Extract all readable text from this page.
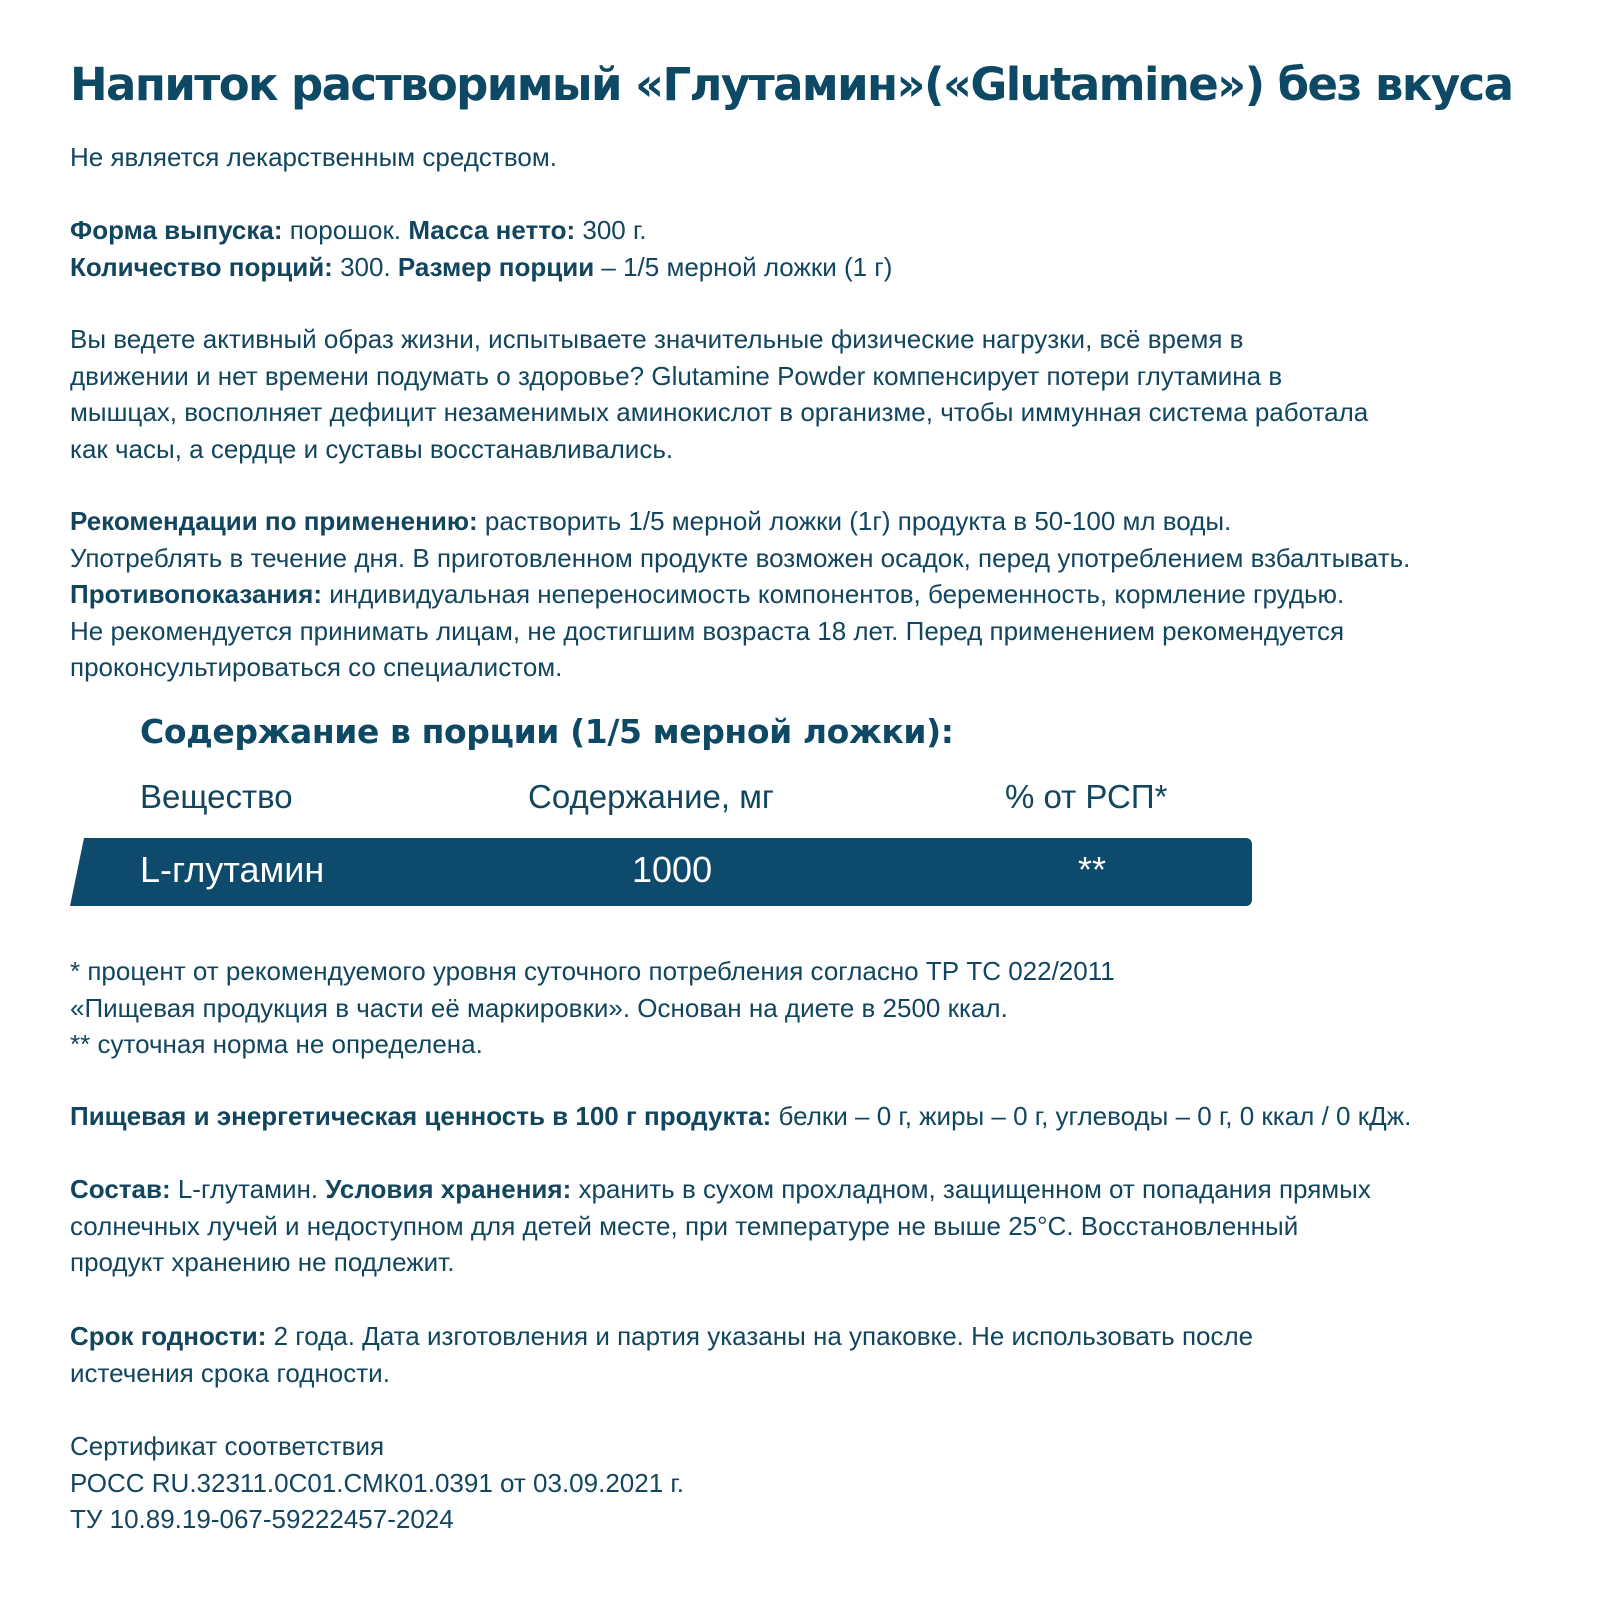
Напиток растворимый «Глутамин»(«Glutamine») без вкуса

Не является лекарственным средством.

Форма выпуска: порошок. Масса нетто: 300 г.
Количество порций: 300. Размер порции – 1/5 мерной ложки (1 г)

Вы ведете активный образ жизни, испытываете значительные физические нагрузки, всё время в
движении и нет времени подумать о здоровье? Glutamine Powder компенсирует потери глутамина в
мышцах, восполняет дефицит незаменимых аминокислот в организме, чтобы иммунная система работала
как часы, а сердце и суставы восстанавливались.

Рекомендации по применению: растворить 1/5 мерной ложки (1г) продукта в 50-100 мл воды.
Употреблять в течение дня. В приготовленном продукте возможен осадок, перед употреблением взбалтывать.
Противопоказания: индивидуальная непереносимость компонентов, беременность, кормление грудью.
Не рекомендуется принимать лицам, не достигшим возраста 18 лет. Перед применением рекомендуется
проконсультироваться со специалистом.

Содержание в порции (1/5 мерной ложки):
Вещество	Содержание, мг	% от РСП*
L-глутамин	1000	**

* процент от рекомендуемого уровня суточного потребления согласно ТР ТС 022/2011
«Пищевая продукция в части её маркировки». Основан на диете в 2500 ккал.
** суточная норма не определена.

Пищевая и энергетическая ценность в 100 г продукта: белки – 0 г, жиры – 0 г, углеводы – 0 г, 0 ккал / 0 кДж.

Состав: L-глутамин. Условия хранения: хранить в сухом прохладном, защищенном от попадания прямых
солнечных лучей и недоступном для детей месте, при температуре не выше 25°С. Восстановленный
продукт хранению не подлежит.

Срок годности: 2 года. Дата изготовления и партия указаны на упаковке. Не использовать после
истечения срока годности.

Сертификат соответствия
РОСС RU.32311.0С01.СМК01.0391 от 03.09.2021 г.
ТУ 10.89.19-067-59222457-2024
